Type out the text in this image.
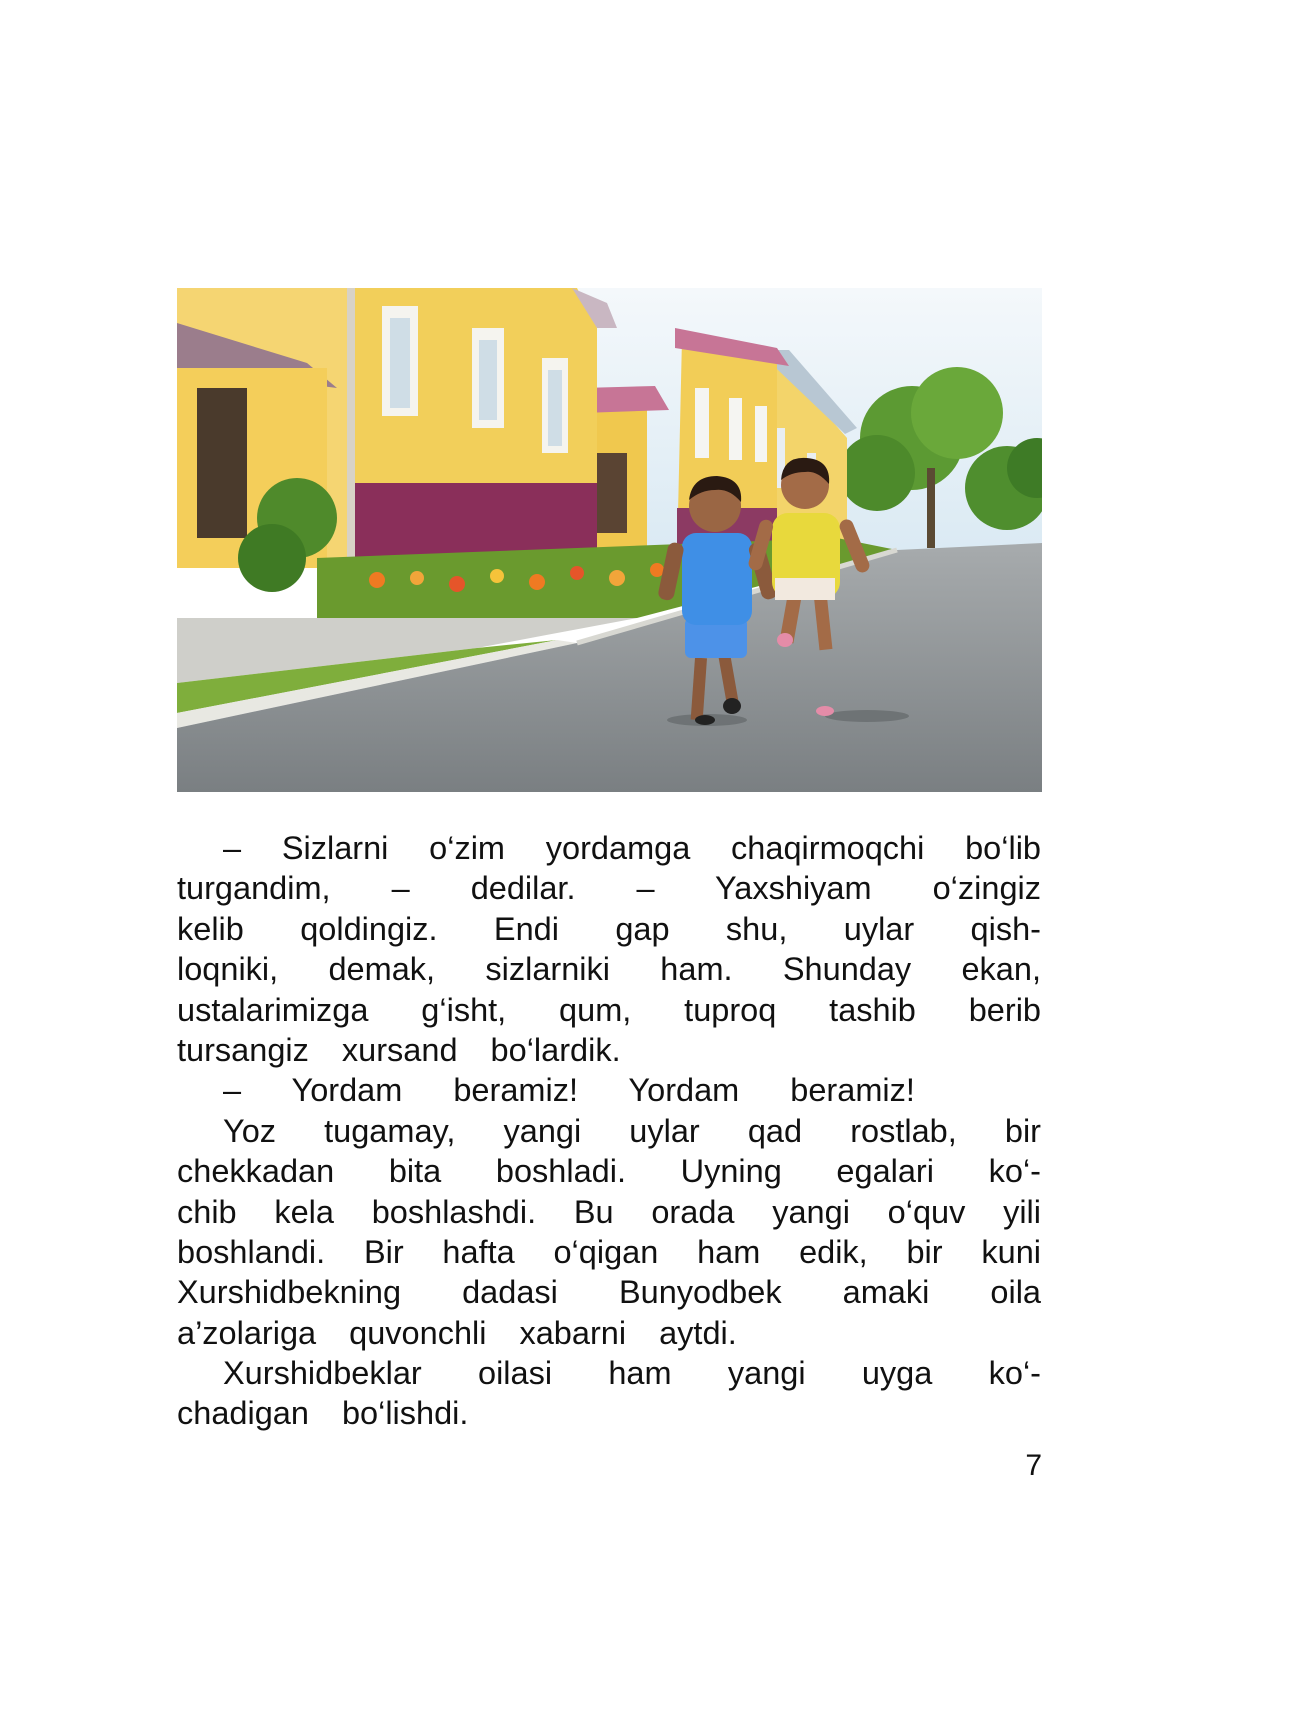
– Sizlarni o‘zim yordamga chaqirmoqchi bo‘lib
turgandim, – dedilar. – Yaxshiyam o‘zingiz
kelib qoldingiz. Endi gap shu, uylar qish-
loqniki, demak, sizlarniki ham. Shunday ekan,
ustalarimizga g‘isht, qum, tuproq tashib berib
tursangiz xursand bo‘lardik.
– Yordam beramiz! Yordam beramiz!
Yoz tugamay, yangi uylar qad rostlab, bir
chekkadan bita boshladi. Uyning egalari ko‘-
chib kela boshlashdi. Bu orada yangi o‘quv yili
boshlandi. Bir hafta o‘qigan ham edik, bir kuni
Xurshidbekning dadasi Bunyodbek amaki oila
a’zolariga quvonchli xabarni aytdi.
Xurshidbeklar oilasi ham yangi uyga ko‘-
chadigan bo‘lishdi.
7
